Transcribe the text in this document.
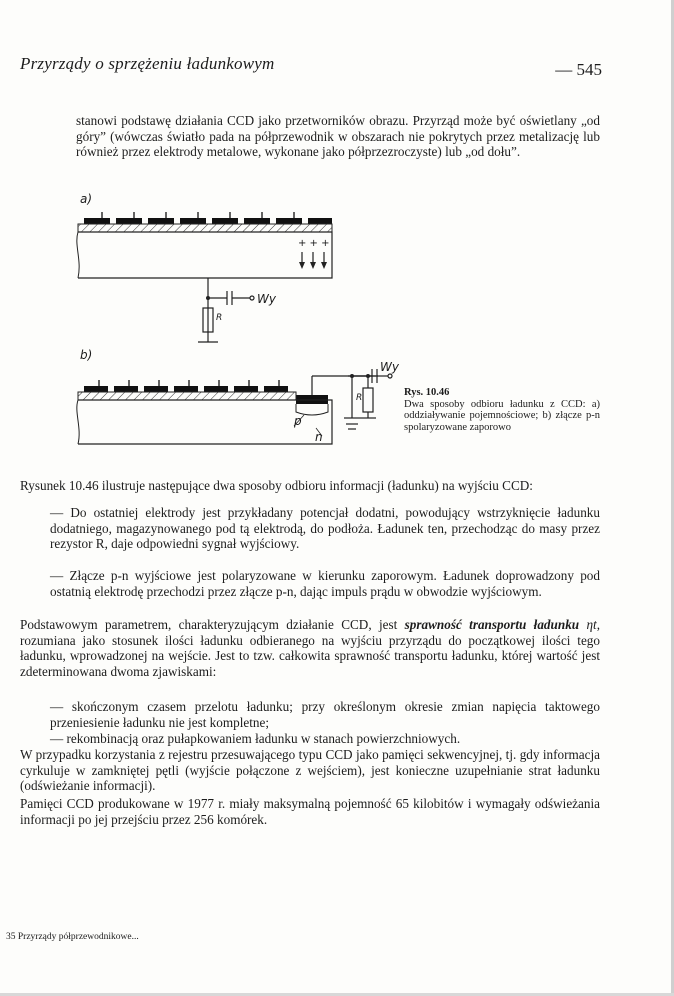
Przyrządy o sprzężeniu ładunkowym	— 545

stanowi podstawę działania CCD jako przetworników obrazu. Przyrząd może być oświetlany „od góry” (wówczas światło pada na półprzewodnik w obszarach nie pokrytych przez metalizację lub również przez elektrody metalowe, wykonane jako półprzezroczyste) lub „od dołu”.

a)
Wy
R
+ + +
b)
Wy
R
p
n
Rys. 10.46
Dwa sposoby odbioru ładunku z CCD: a) oddziaływanie pojemnościowe; b) złącze p-n spolaryzowane zaporowo

Rysunek 10.46 ilustruje następujące dwa sposoby odbioru informacji (ładunku) na wyjściu CCD:

— Do ostatniej elektrody jest przykładany potencjał dodatni, powodujący wstrzyknięcie ładunku dodatniego, magazynowanego pod tą elektrodą, do podłoża. Ładunek ten, przechodząc do masy przez rezystor R, daje odpowiedni sygnał wyjściowy.

— Złącze p-n wyjściowe jest polaryzowane w kierunku zaporowym. Ładunek doprowadzony pod ostatnią elektrodę przechodzi przez złącze p-n, dając impuls prądu w obwodzie wyjściowym.

Podstawowym parametrem, charakteryzującym działanie CCD, jest sprawność transportu ładunku ηt, rozumiana jako stosunek ilości ładunku odbieranego na wyjściu przyrządu do początkowej ilości tego ładunku, wprowadzonej na wejście. Jest to tzw. całkowita sprawność transportu ładunku, której wartość jest zdeterminowana dwoma zjawiskami:

— skończonym czasem przelotu ładunku; przy określonym okresie zmian napięcia taktowego przeniesienie ładunku nie jest kompletne;

— rekombinacją oraz pułapkowaniem ładunku w stanach powierzchniowych.

W przypadku korzystania z rejestru przesuwającego typu CCD jako pamięci sekwencyjnej, tj. gdy informacja cyrkuluje w zamkniętej pętli (wyjście połączone z wejściem), jest konieczne uzupełnianie strat ładunku (odświeżanie informacji).

Pamięci CCD produkowane w 1977 r. miały maksymalną pojemność 65 kilobitów i wymagały odświeżania informacji po jej przejściu przez 256 komórek.

35 Przyrządy półprzewodnikowe...
